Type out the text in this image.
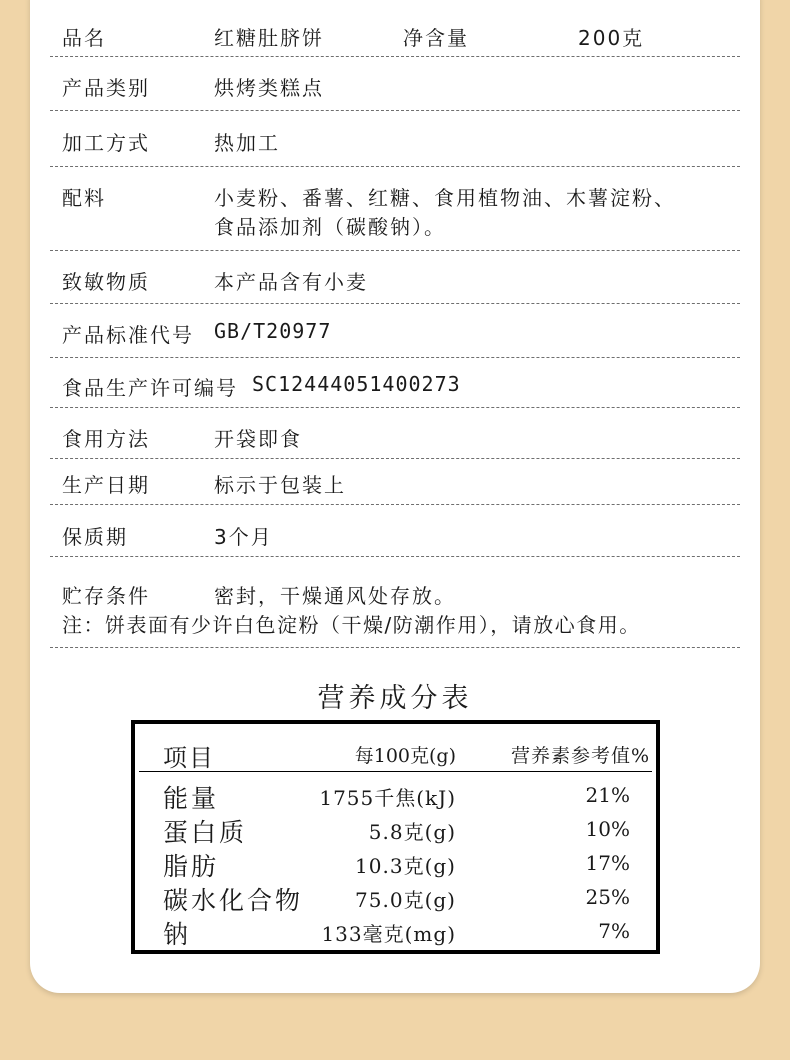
品名	红糖肚脐饼	净含量	200克
产品类别	烘烤类糕点
加工方式	热加工
配料	小麦粉、番薯、红糖、食用植物油、木薯淀粉、
食品添加剂（碳酸钠）。
致敏物质	本产品含有小麦
产品标准代号 GB/T20977
食品生产许可编号 SC12444051400273
食用方法	开袋即食
生产日期	标示于包装上
保质期	3个月
贮存条件	密封，干燥通风处存放。
注：饼表面有少许白色淀粉（干燥/防潮作用），请放心食用。
营养成分表
项目	每100克(g)	营养素参考值%
能量	1755千焦(kJ)	21%
蛋白质	5.8克(g)	10%
脂肪	10.3克(g)	17%
碳水化合物	75.0克(g)	25%
钠	133毫克(mg)	7%
